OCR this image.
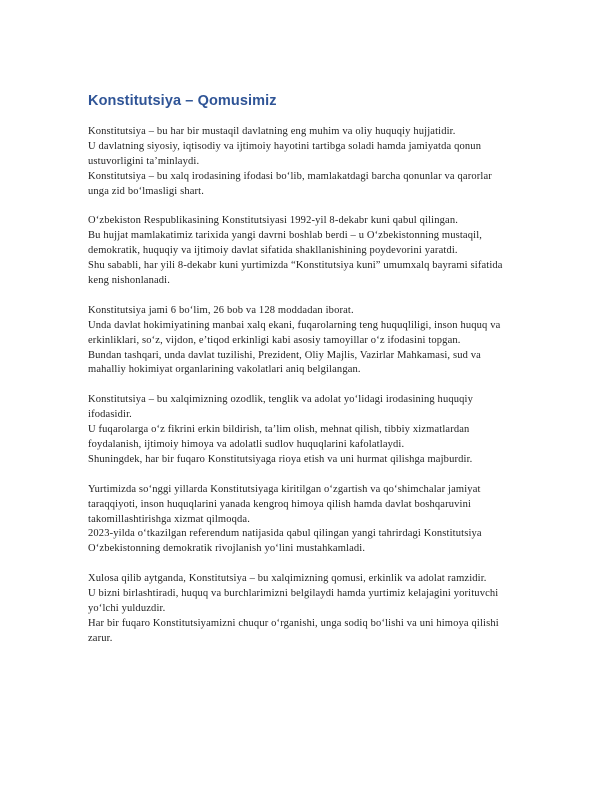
Konstitutsiya – Qomusimiz
Konstitutsiya – bu har bir mustaqil davlatning eng muhim va oliy huquqiy hujjatidir.
U davlatning siyosiy, iqtisodiy va ijtimoiy hayotini tartibga soladi hamda jamiyatda qonun
ustuvorligini ta’minlaydi.
Konstitutsiya – bu xalq irodasining ifodasi bo‘lib, mamlakatdagi barcha qonunlar va qarorlar
unga zid bo‘lmasligi shart.
O‘zbekiston Respublikasining Konstitutsiyasi 1992-yil 8-dekabr kuni qabul qilingan.
Bu hujjat mamlakatimiz tarixida yangi davrni boshlab berdi – u O‘zbekistonning mustaqil,
demokratik, huquqiy va ijtimoiy davlat sifatida shakllanishining poydevorini yaratdi.
Shu sababli, har yili 8-dekabr kuni yurtimizda “Konstitutsiya kuni” umumxalq bayrami sifatida
keng nishonlanadi.
Konstitutsiya jami 6 bo‘lim, 26 bob va 128 moddadan iborat.
Unda davlat hokimiyatining manbai xalq ekani, fuqarolarning teng huquqliligi, inson huquq va
erkinliklari, so‘z, vijdon, e’tiqod erkinligi kabi asosiy tamoyillar o‘z ifodasini topgan.
Bundan tashqari, unda davlat tuzilishi, Prezident, Oliy Majlis, Vazirlar Mahkamasi, sud va
mahalliy hokimiyat organlarining vakolatlari aniq belgilangan.
Konstitutsiya – bu xalqimizning ozodlik, tenglik va adolat yo‘lidagi irodasining huquqiy
ifodasidir.
U fuqarolarga o‘z fikrini erkin bildirish, ta’lim olish, mehnat qilish, tibbiy xizmatlardan
foydalanish, ijtimoiy himoya va adolatli sudlov huquqlarini kafolatlaydi.
Shuningdek, har bir fuqaro Konstitutsiyaga rioya etish va uni hurmat qilishga majburdir.
Yurtimizda so‘nggi yillarda Konstitutsiyaga kiritilgan o‘zgartish va qo‘shimchalar jamiyat
taraqqiyoti, inson huquqlarini yanada kengroq himoya qilish hamda davlat boshqaruvini
takomillashtirishga xizmat qilmoqda.
2023-yilda o‘tkazilgan referendum natijasida qabul qilingan yangi tahrirdagi Konstitutsiya
O‘zbekistonning demokratik rivojlanish yo‘lini mustahkamladi.
Xulosa qilib aytganda, Konstitutsiya – bu xalqimizning qomusi, erkinlik va adolat ramzidir.
U bizni birlashtiradi, huquq va burchlarimizni belgilaydi hamda yurtimiz kelajagini yorituvchi
yo‘lchi yulduzdir.
Har bir fuqaro Konstitutsiyamizni chuqur o‘rganishi, unga sodiq bo‘lishi va uni himoya qilishi
zarur.
